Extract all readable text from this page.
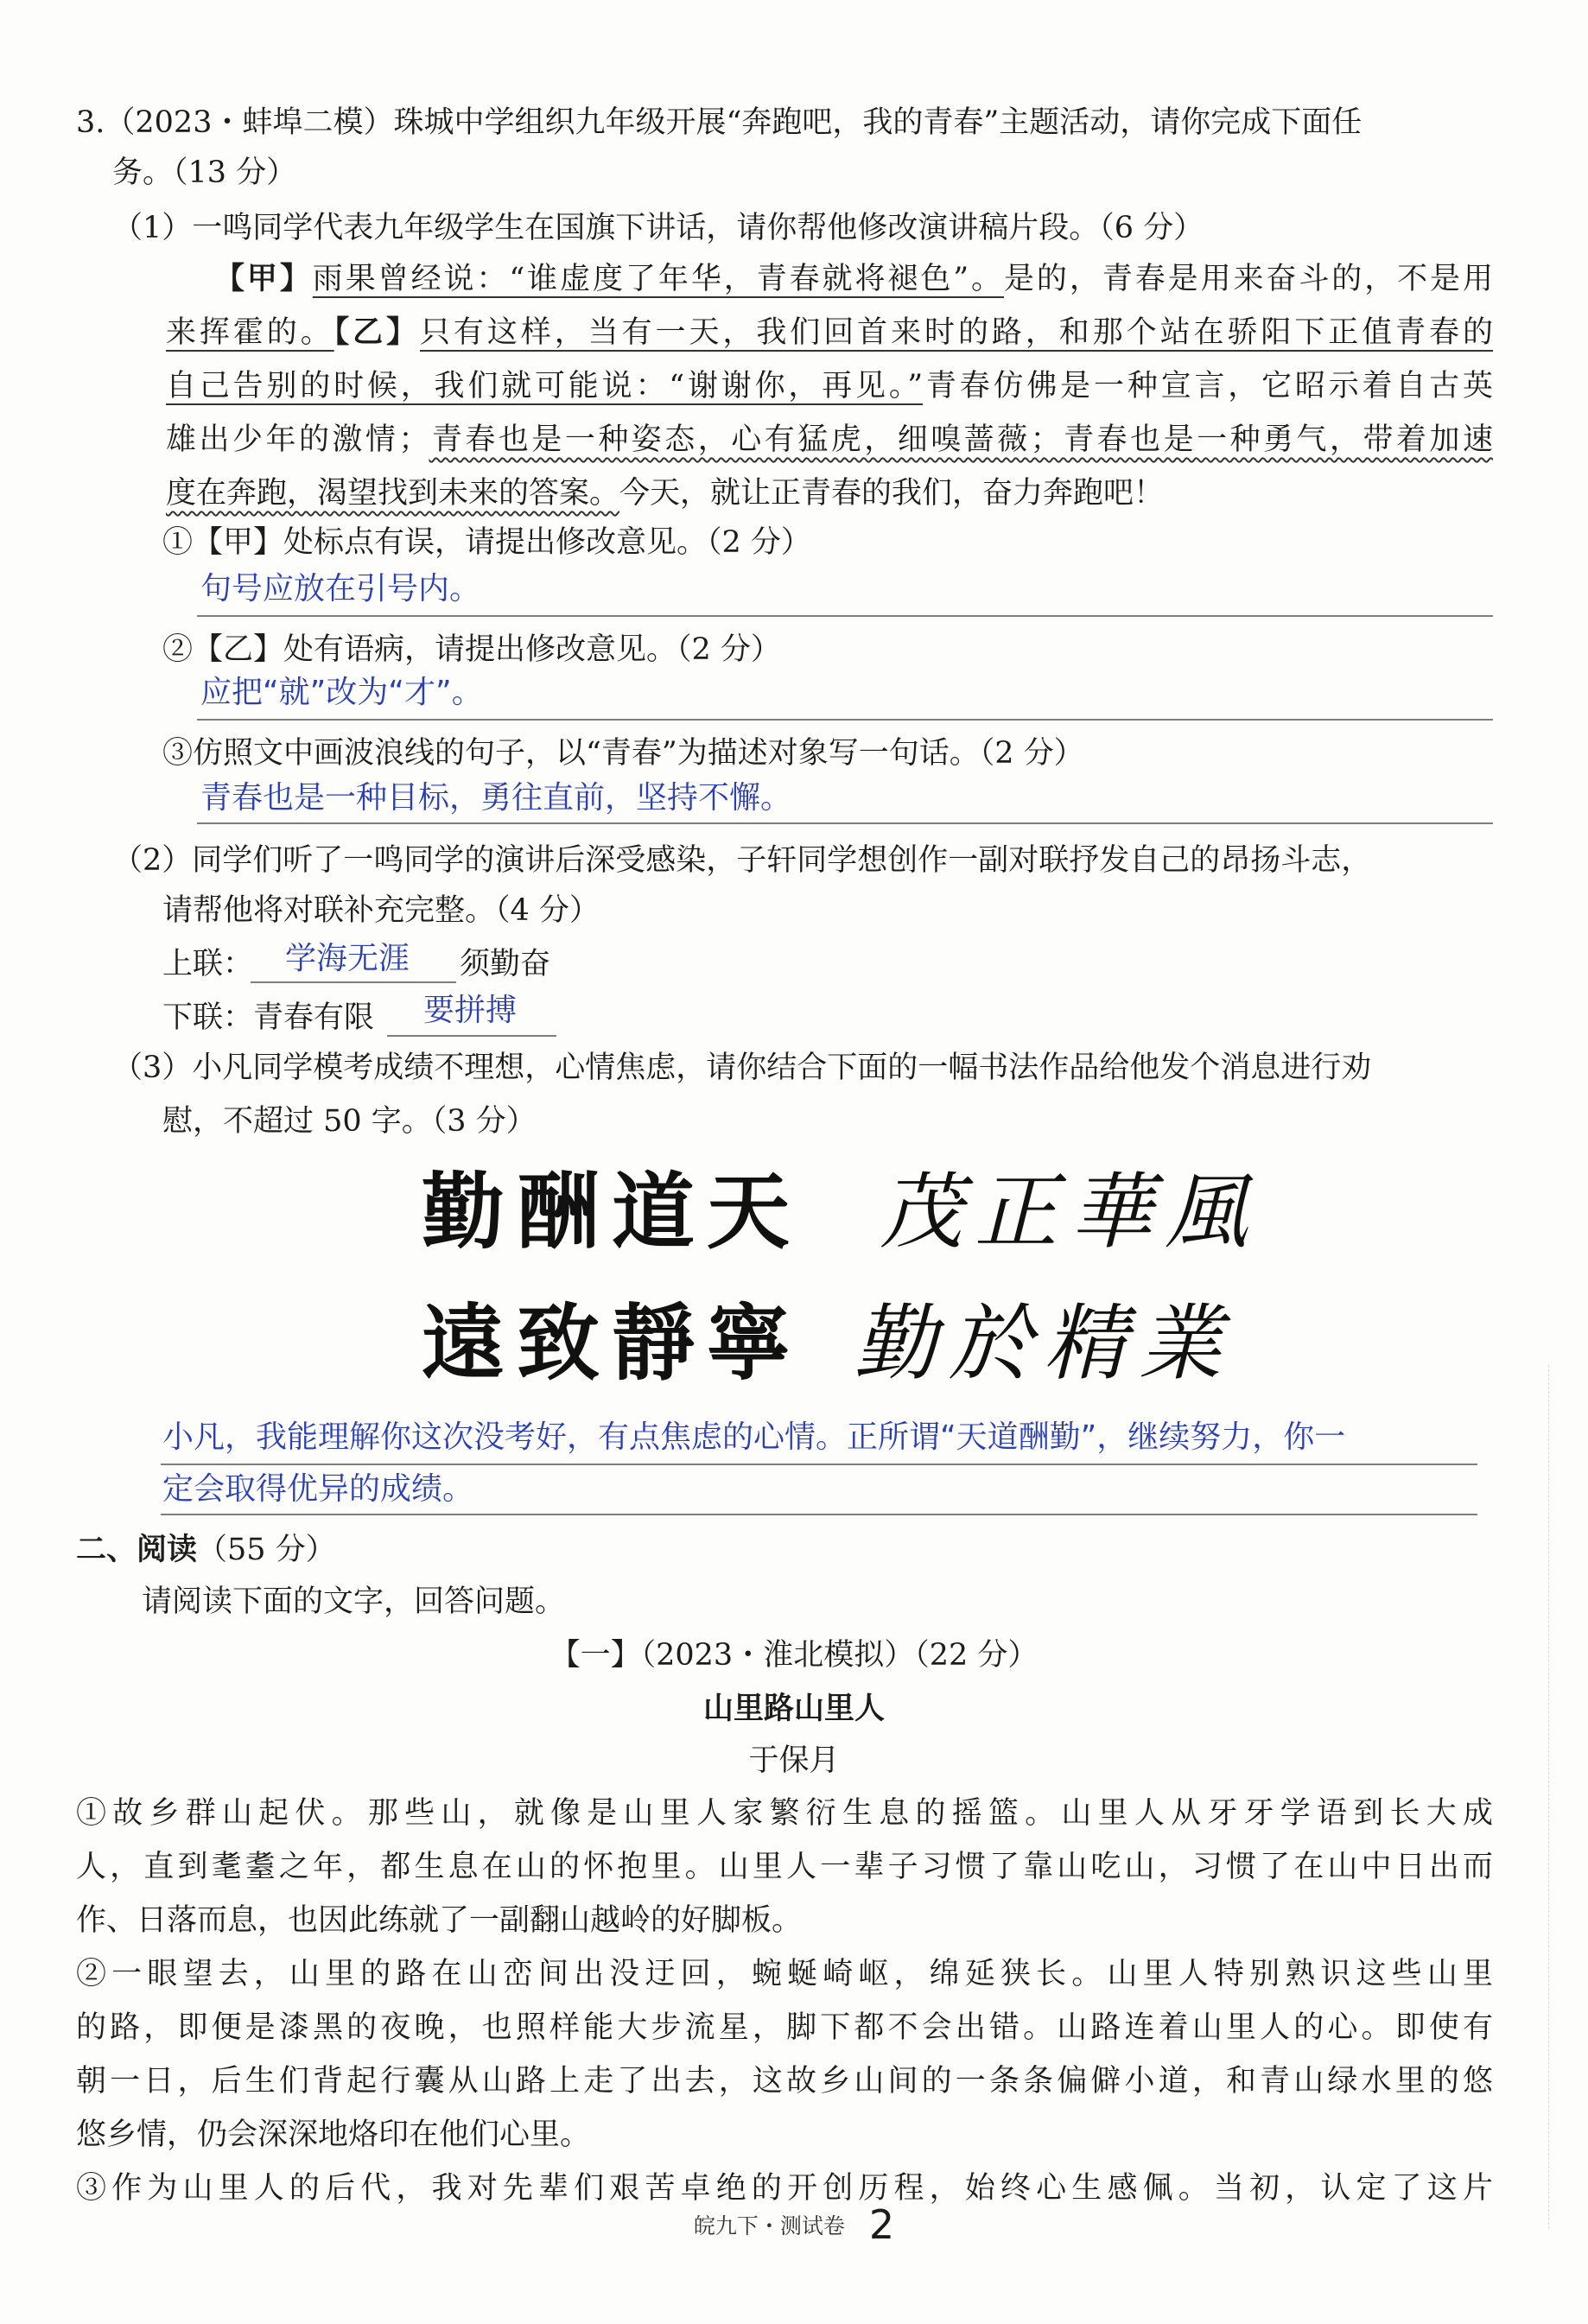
3.（2023・蚌埠二模）珠城中学组织九年级开展“奔跑吧，我的青春”主题活动，请你完成下面任
务。（13 分）
（1）一鸣同学代表九年级学生在国旗下讲话，请你帮他修改演讲稿片段。（6 分）
【甲】雨果曾经说：“谁虚度了年华，青春就将褪色”。是的，青春是用来奋斗的，不是用
来挥霍的。【乙】只有这样，当有一天，我们回首来时的路，和那个站在骄阳下正值青春的
自己告别的时候，我们就可能说：“谢谢你，再见。”青春仿佛是一种宣言，它昭示着自古英
雄出少年的激情；青春也是一种姿态，心有猛虎，细嗅蔷薇；青春也是一种勇气，带着加速
度在奔跑，渴望找到未来的答案。今天，就让正青春的我们，奋力奔跑吧！
①【甲】处标点有误，请提出修改意见。（2 分）
句号应放在引号内。
②【乙】处有语病，请提出修改意见。（2 分）
应把“就”改为“才”。
③仿照文中画波浪线的句子，以“青春”为描述对象写一句话。（2 分）
青春也是一种目标，勇往直前，坚持不懈。
（2）同学们听了一鸣同学的演讲后深受感染，子轩同学想创作一副对联抒发自己的昂扬斗志，
请帮他将对联补充完整。（4 分）
上联： 学海无涯 须勤奋
下联：青春有限 要拼搏
（3）小凡同学模考成绩不理想，心情焦虑，请你结合下面的一幅书法作品给他发个消息进行劝
慰，不超过 50 字。（3 分）
勤酬道天 茂正華風
遠致靜寧 勤於精業
小凡，我能理解你这次没考好，有点焦虑的心情。正所谓“天道酬勤”，继续努力，你一
定会取得优异的成绩。
二、阅读（55 分）
请阅读下面的文字，回答问题。
【一】（2023・淮北模拟）（22 分）
山里路山里人
于保月
①故乡群山起伏。那些山，就像是山里人家繁衍生息的摇篮。山里人从牙牙学语到长大成
人，直到耄耋之年，都生息在山的怀抱里。山里人一辈子习惯了靠山吃山，习惯了在山中日出而
作、日落而息，也因此练就了一副翻山越岭的好脚板。
②一眼望去，山里的路在山峦间出没迂回，蜿蜒崎岖，绵延狭长。山里人特别熟识这些山里
的路，即便是漆黑的夜晚，也照样能大步流星，脚下都不会出错。山路连着山里人的心。即使有
朝一日，后生们背起行囊从山路上走了出去，这故乡山间的一条条偏僻小道，和青山绿水里的悠
悠乡情，仍会深深地烙印在他们心里。
③作为山里人的后代，我对先辈们艰苦卓绝的开创历程，始终心生感佩。当初，认定了这片
皖九下・测试卷 2
